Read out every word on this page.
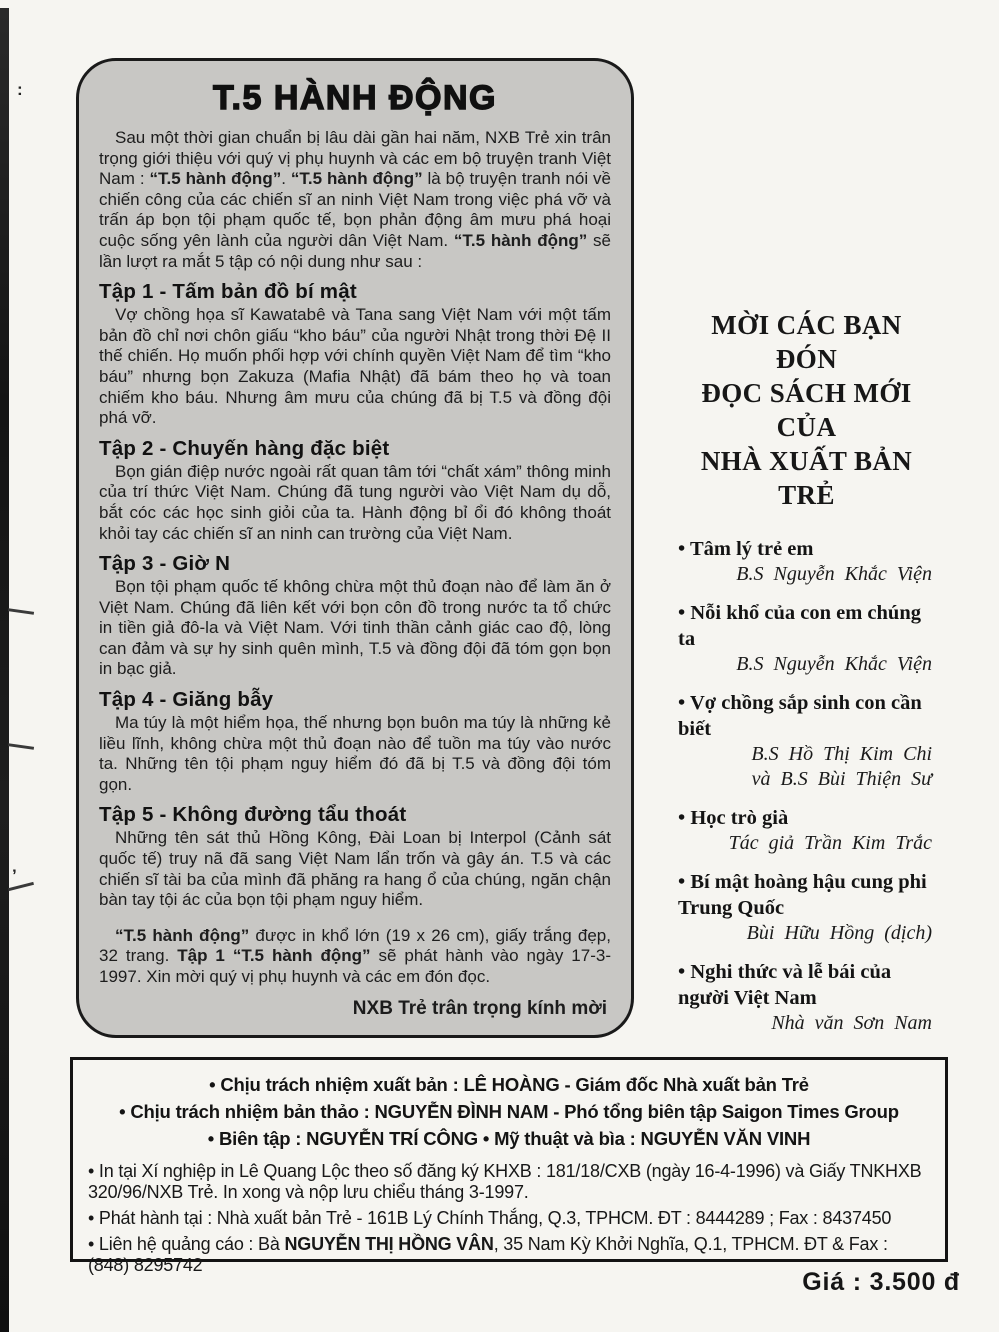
:
’
T.5 HÀNH ĐỘNG

Sau một thời gian chuẩn bị lâu dài gần hai năm, NXB Trẻ xin trân trọng giới thiệu với quý vị phụ huynh và các em bộ truyện tranh Việt Nam : “T.5 hành động”. “T.5 hành động” là bộ truyện tranh nói về chiến công của các chiến sĩ an ninh Việt Nam trong việc phá vỡ và trấn áp bọn tội phạm quốc tế, bọn phản động âm mưu phá hoại cuộc sống yên lành của người dân Việt Nam. “T.5 hành động” sẽ lần lượt ra mắt 5 tập có nội dung như sau :

Tập 1 - Tấm bản đồ bí mật

Vợ chồng họa sĩ Kawatabê và Tana sang Việt Nam với một tấm bản đồ chỉ nơi chôn giấu “kho báu” của người Nhật trong thời Đệ II thế chiến. Họ muốn phối hợp với chính quyền Việt Nam để tìm “kho báu” nhưng bọn Zakuza (Mafia Nhật) đã bám theo họ và toan chiếm kho báu. Nhưng âm mưu của chúng đã bị T.5 và đồng đội phá vỡ.

Tập 2 - Chuyến hàng đặc biệt

Bọn gián điệp nước ngoài rất quan tâm tới “chất xám” thông minh của trí thức Việt Nam. Chúng đã tung người vào Việt Nam dụ dỗ, bắt cóc các học sinh giỏi của ta. Hành động bỉ ổi đó không thoát khỏi tay các chiến sĩ an ninh can trường của Việt Nam.

Tập 3 - Giờ N

Bọn tội phạm quốc tế không chừa một thủ đoạn nào để làm ăn ở Việt Nam. Chúng đã liên kết với bọn côn đồ trong nước ta tổ chức in tiền giả đô-la và Việt Nam. Với tinh thần cảnh giác cao độ, lòng can đảm và sự hy sinh quên mình, T.5 và đồng đội đã tóm gọn bọn in bạc giả.

Tập 4 - Giăng bẫy

Ma túy là một hiểm họa, thế nhưng bọn buôn ma túy là những kẻ liều lĩnh, không chừa một thủ đoạn nào để tuồn ma túy vào nước ta. Những tên tội phạm nguy hiểm đó đã bị T.5 và đồng đội tóm gọn.

Tập 5 - Không đường tẩu thoát

Những tên sát thủ Hồng Kông, Đài Loan bị Interpol (Cảnh sát quốc tế) truy nã đã sang Việt Nam lẩn trốn và gây án. T.5 và các chiến sĩ tài ba của mình đã phăng ra hang ổ của chúng, ngăn chận bàn tay tội ác của bọn tội phạm nguy hiểm.

“T.5 hành động” được in khổ lớn (19 x 26 cm), giấy trắng đẹp, 32 trang. Tập 1 “T.5 hành động” sẽ phát hành vào ngày 17-3-1997. Xin mời quý vị phụ huynh và các em đón đọc.

NXB Trẻ trân trọng kính mời

MỜI CÁC BẠN ĐÓN
ĐỌC SÁCH MỚI CỦA
NHÀ XUẤT BẢN TRẺ
• Tâm lý trẻ em
B.S Nguyễn Khắc Viện
• Nỗi khổ của con em chúng ta
B.S Nguyễn Khắc Viện
• Vợ chồng sắp sinh con cần biết
B.S Hồ Thị Kim Chi
và B.S Bùi Thiện Sư
• Học trò già
Tác giả Trần Kim Trắc
• Bí mật hoàng hậu cung phi Trung Quốc
Bùi Hữu Hồng (dịch)
• Nghi thức và lễ bái của người Việt Nam
Nhà văn Sơn Nam

• Chịu trách nhiệm xuất bản : LÊ HOÀNG - Giám đốc Nhà xuất bản Trẻ

• Chịu trách nhiệm bản thảo : NGUYỄN ĐÌNH NAM - Phó tổng biên tập Saigon Times Group

• Biên tập : NGUYỄN TRÍ CÔNG • Mỹ thuật và bìa : NGUYỄN VĂN VINH

• In tại Xí nghiệp in Lê Quang Lộc theo số đăng ký KHXB : 181/18/CXB (ngày 16-4-1996) và Giấy TNKHXB 320/96/NXB Trẻ. In xong và nộp lưu chiểu tháng 3-1997.

• Phát hành tại : Nhà xuất bản Trẻ - 161B Lý Chính Thắng, Q.3, TPHCM. ĐT : 8444289 ; Fax : 8437450

• Liên hệ quảng cáo : Bà NGUYỄN THỊ HỒNG VÂN, 35 Nam Kỳ Khởi Nghĩa, Q.1, TPHCM. ĐT & Fax : (848) 8295742

Giá : 3.500 đ
